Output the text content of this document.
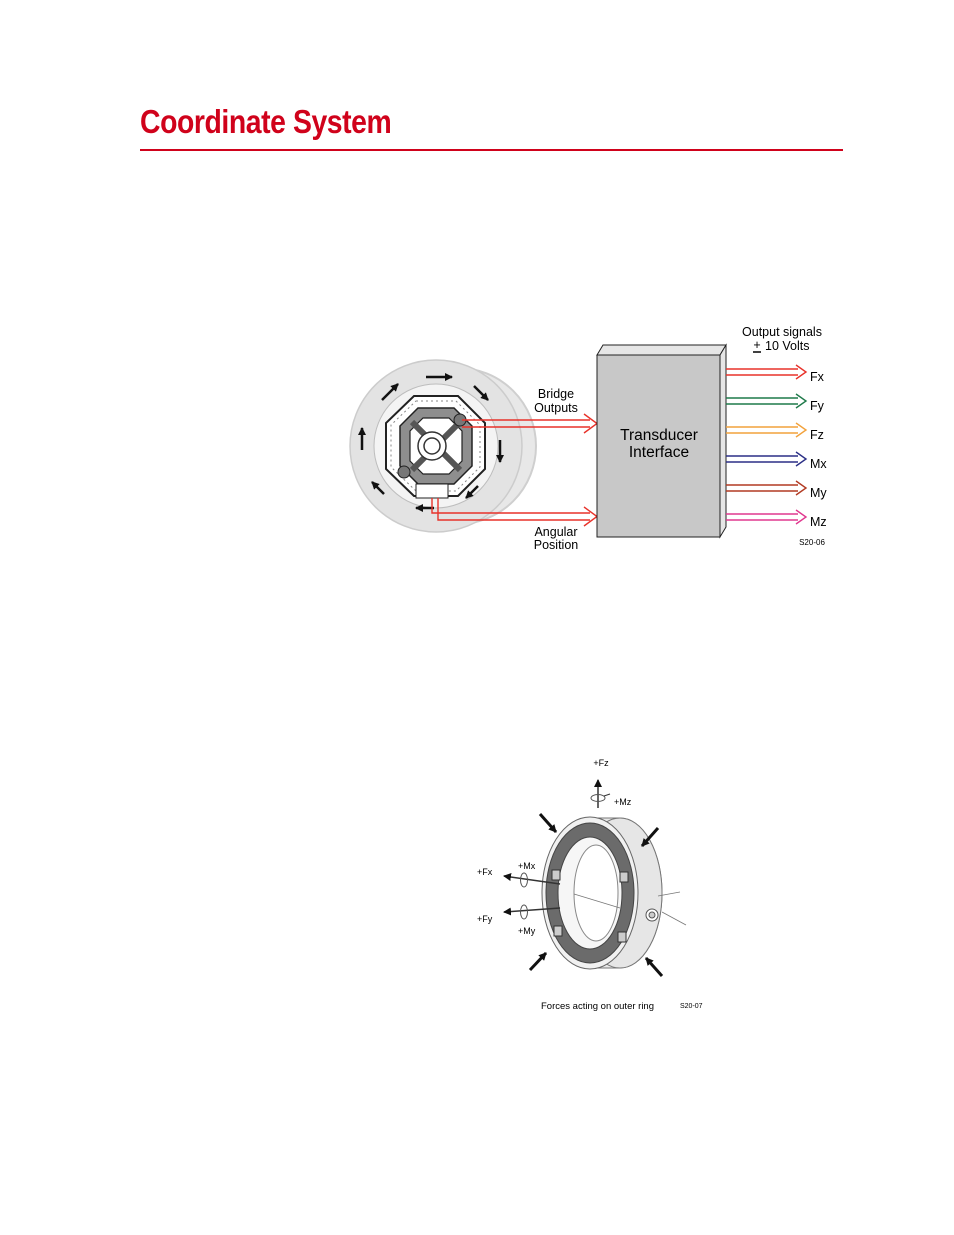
Coordinate System
Bridge
Outputs
Angular
Position
Transducer
Interface
Output signals
+ 10 Volts
Fx
Fy
Fz
Mx
My
Mz
S20-06
+Fz
+Mz
+Fx
+Mx
+Fy
+My
Forces acting on outer ring	S20-07
